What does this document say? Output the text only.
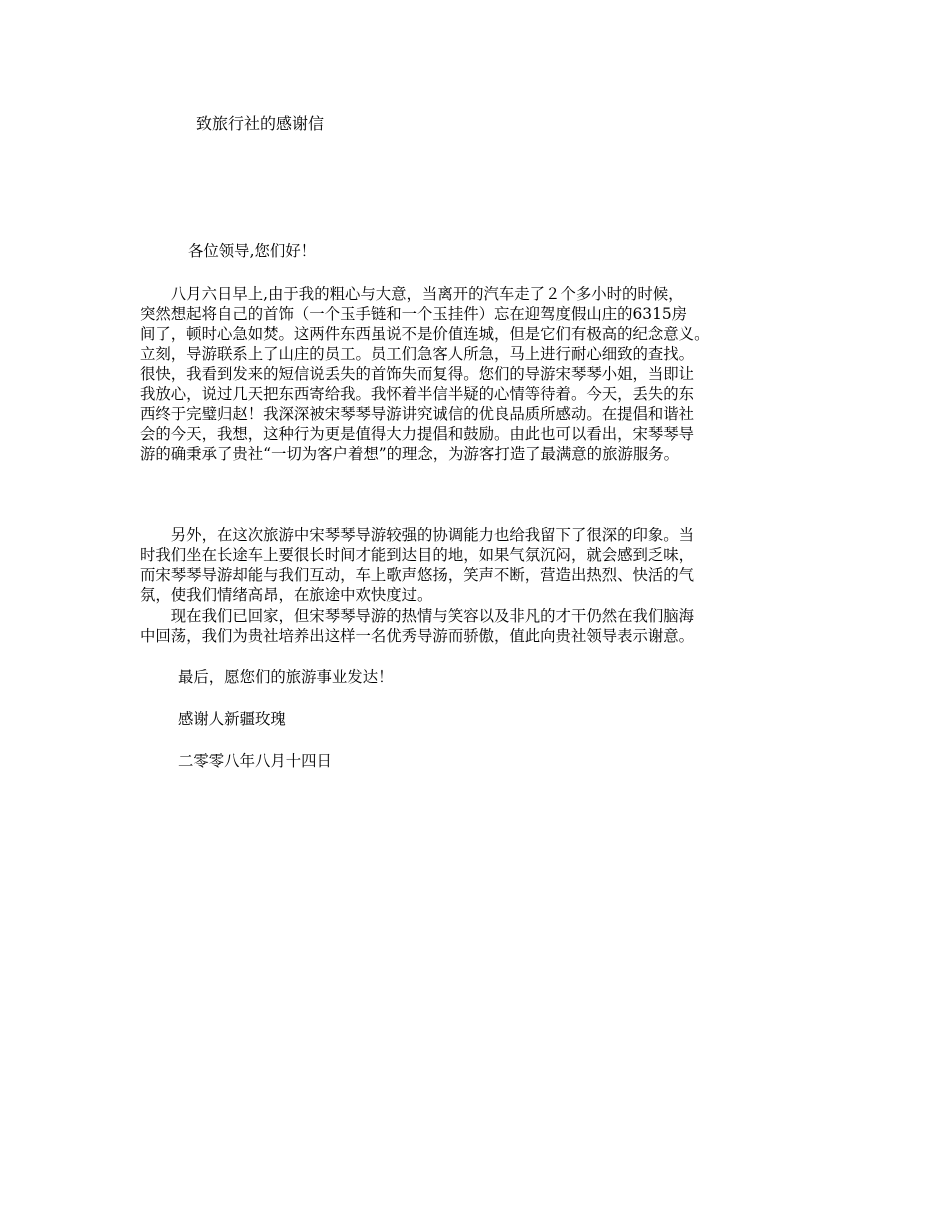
致旅行社的感谢信
各位领导,您们好！
　　八月六日早上,由于我的粗心与大意，当离开的汽车走了２个多小时的时候，
突然想起将自己的首饰（一个玉手链和一个玉挂件）忘在迎驾度假山庄的6315房
间了，顿时心急如焚。这两件东西虽说不是价值连城，但是它们有极高的纪念意义。
立刻，导游联系上了山庄的员工。员工们急客人所急，马上进行耐心细致的查找。
很快，我看到发来的短信说丢失的首饰失而复得。您们的导游宋琴琴小姐，当即让
我放心，说过几天把东西寄给我。我怀着半信半疑的心情等待着。今天，丢失的东
西终于完璧归赵！我深深被宋琴琴导游讲究诚信的优良品质所感动。在提倡和谐社
会的今天，我想，这种行为更是值得大力提倡和鼓励。由此也可以看出，宋琴琴导
游的确秉承了贵社“一切为客户着想”的理念，为游客打造了最满意的旅游服务。
　　另外，在这次旅游中宋琴琴导游较强的协调能力也给我留下了很深的印象。当
时我们坐在长途车上要很长时间才能到达目的地，如果气氛沉闷，就会感到乏味，
而宋琴琴导游却能与我们互动，车上歌声悠扬，笑声不断，营造出热烈、快活的气
氛，使我们情绪高昂，在旅途中欢快度过。
　　现在我们已回家，但宋琴琴导游的热情与笑容以及非凡的才干仍然在我们脑海
中回荡，我们为贵社培养出这样一名优秀导游而骄傲，值此向贵社领导表示谢意。
最后，愿您们的旅游事业发达！
感谢人新疆玫瑰
二零零八年八月十四日
